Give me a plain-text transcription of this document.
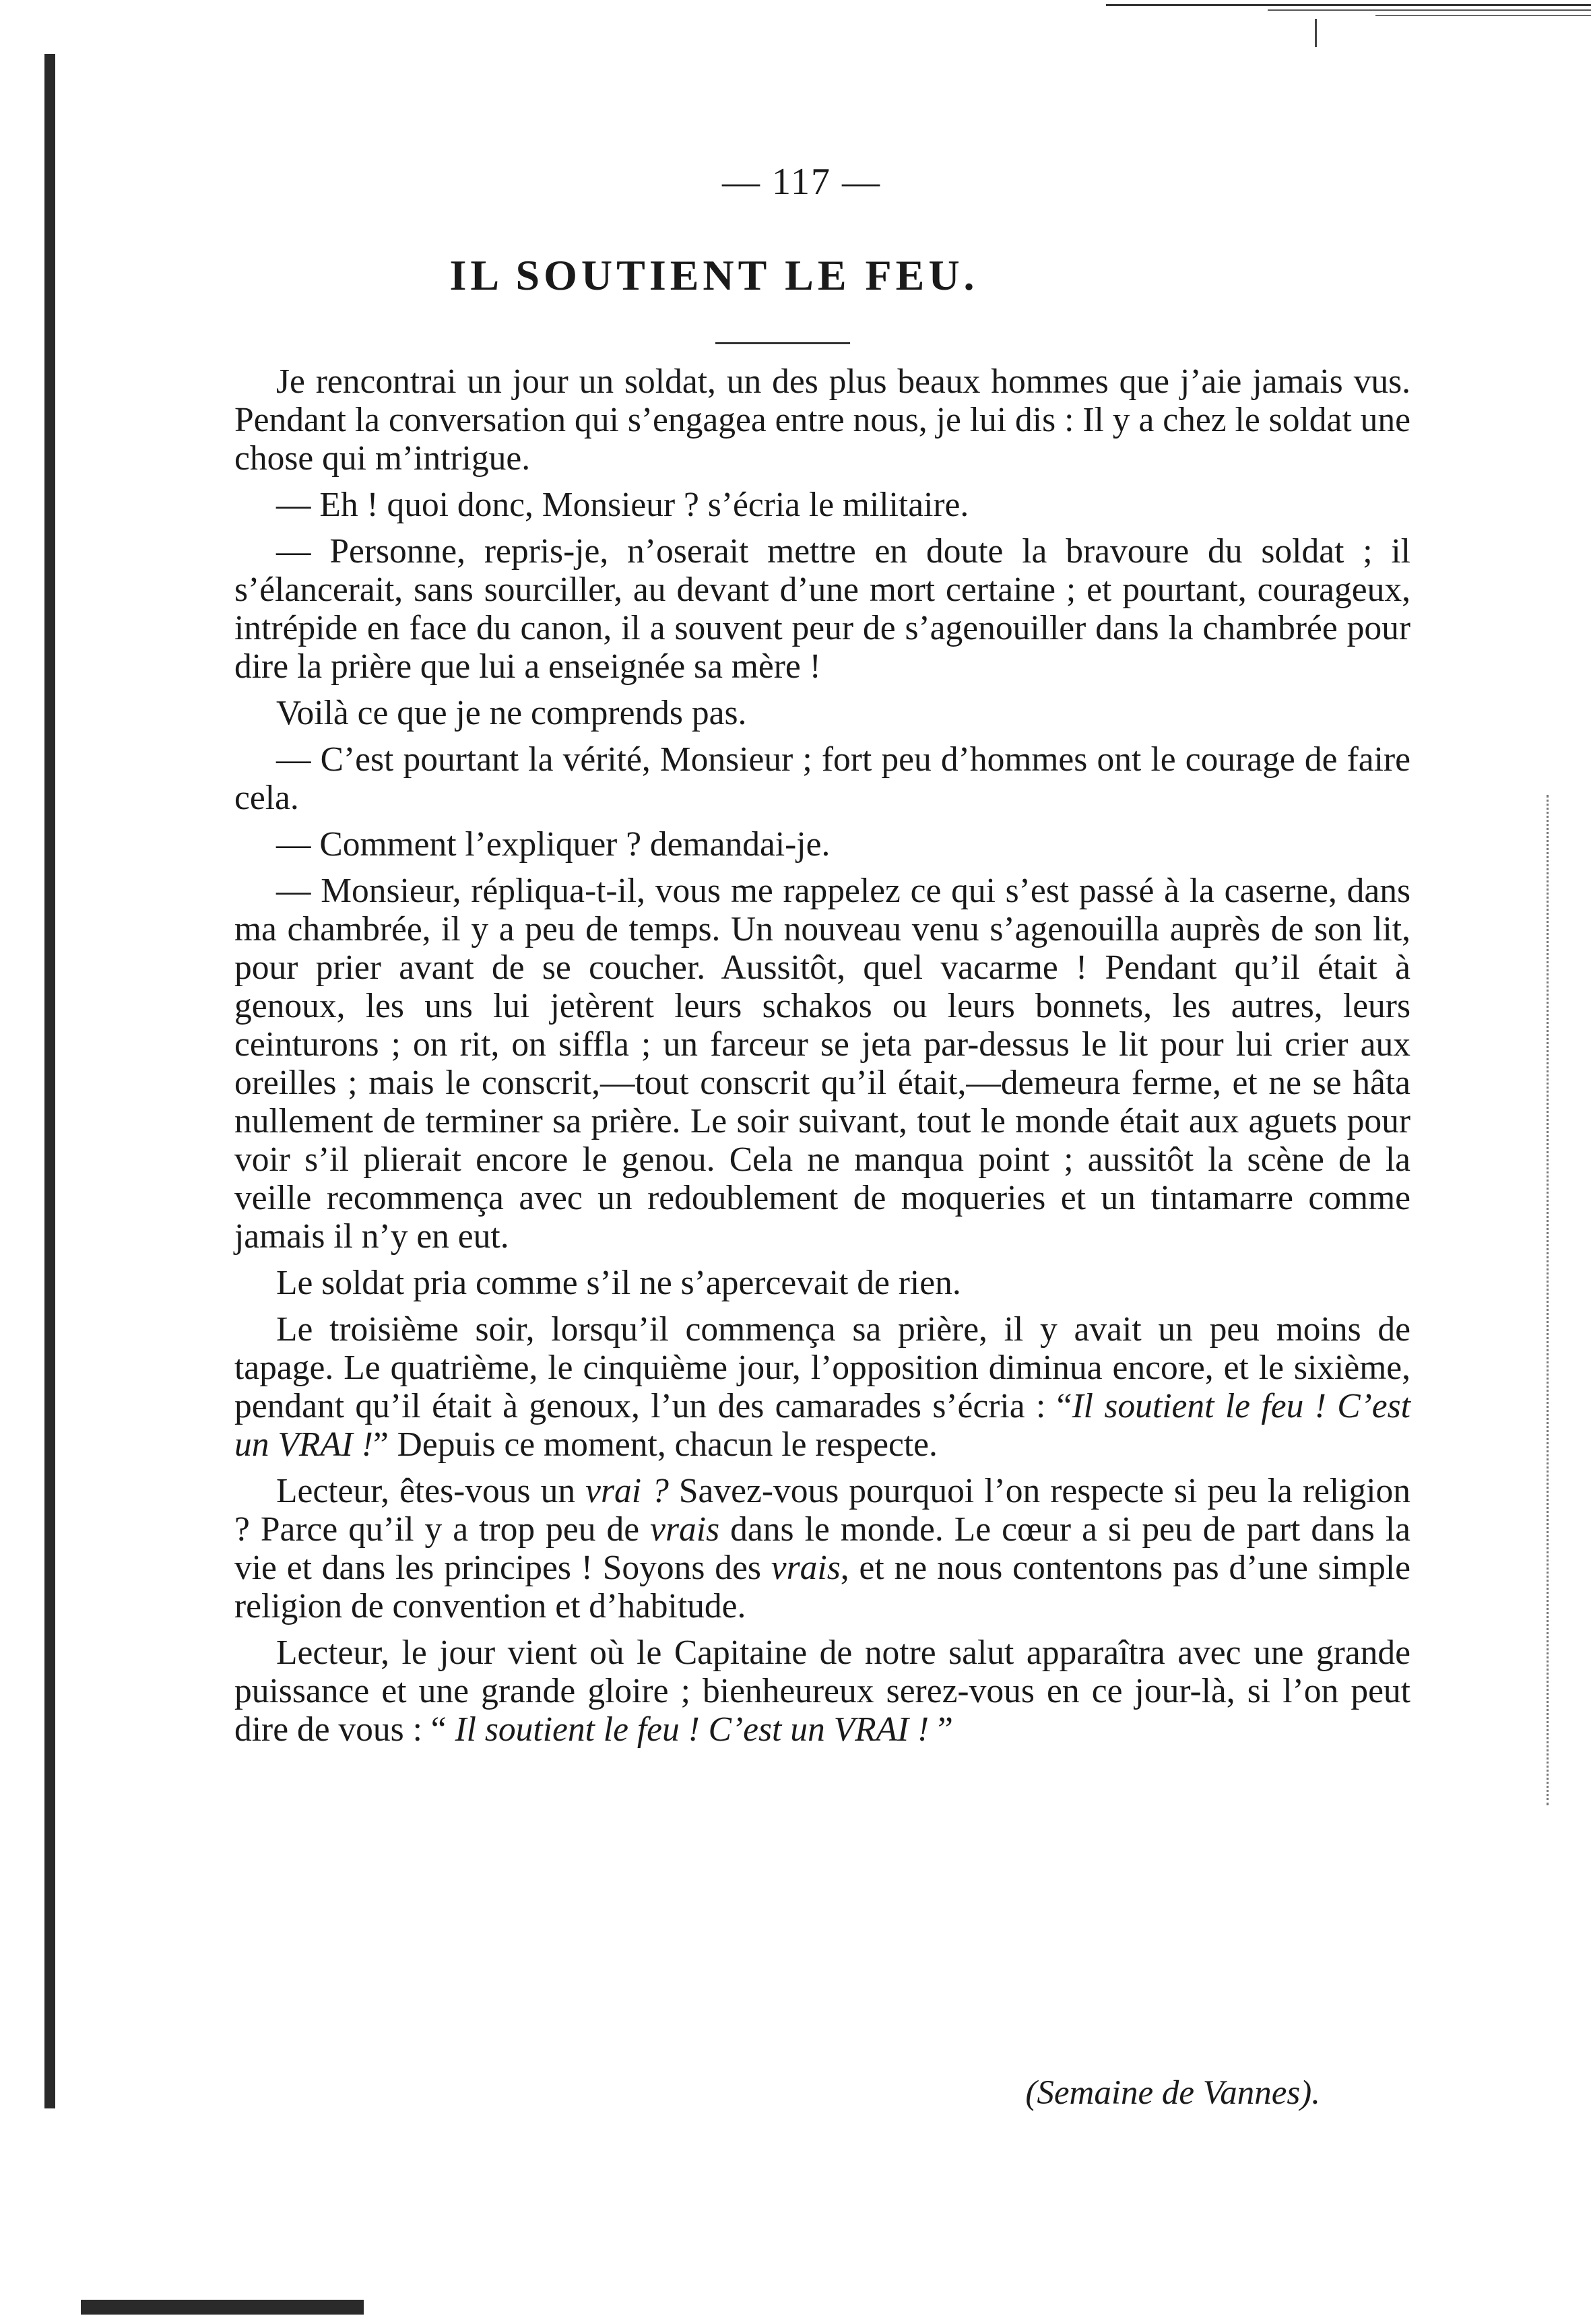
— 117 —
IL SOUTIENT LE FEU.

Je rencontrai un jour un soldat, un des plus beaux hommes que j’aie jamais vus. Pendant la conversation qui s’engagea entre nous, je lui dis : Il y a chez le soldat une chose qui m’intrigue.

— Eh ! quoi donc, Monsieur ? s’écria le militaire.

— Personne, repris-je, n’oserait mettre en doute la bravoure du soldat ; il s’élancerait, sans sourciller, au devant d’une mort certaine ; et pourtant, courageux, intrépide en face du canon, il a souvent peur de s’agenouiller dans la chambrée pour dire la prière que lui a enseignée sa mère !

Voilà ce que je ne comprends pas.

— C’est pourtant la vérité, Monsieur ; fort peu d’hommes ont le courage de faire cela.

— Comment l’expliquer ? demandai-je.

— Monsieur, répliqua-t-il, vous me rappelez ce qui s’est passé à la caserne, dans ma chambrée, il y a peu de temps. Un nouveau venu s’agenouilla auprès de son lit, pour prier avant de se coucher. Aussitôt, quel vacarme ! Pendant qu’il était à genoux, les uns lui jetèrent leurs schakos ou leurs bonnets, les autres, leurs ceinturons ; on rit, on siffla ; un farceur se jeta par-dessus le lit pour lui crier aux oreilles ; mais le conscrit,—tout conscrit qu’il était,—demeura ferme, et ne se hâta nullement de terminer sa prière. Le soir suivant, tout le monde était aux aguets pour voir s’il plierait encore le genou. Cela ne manqua point ; aussitôt la scène de la veille recommença avec un redoublement de moqueries et un tintamarre comme jamais il n’y en eut.

Le soldat pria comme s’il ne s’apercevait de rien.

Le troisième soir, lorsqu’il commença sa prière, il y avait un peu moins de tapage. Le quatrième, le cinquième jour, l’opposition diminua encore, et le sixième, pendant qu’il était à genoux, l’un des camarades s’écria : “Il soutient le feu ! C’est un VRAI !” Depuis ce moment, chacun le respecte.

Lecteur, êtes-vous un vrai ? Savez-vous pourquoi l’on respecte si peu la religion ? Parce qu’il y a trop peu de vrais dans le monde. Le cœur a si peu de part dans la vie et dans les principes ! Soyons des vrais, et ne nous contentons pas d’une simple religion de convention et d’habitude.

Lecteur, le jour vient où le Capitaine de notre salut apparaîtra avec une grande puissance et une grande gloire ; bienheureux serez-vous en ce jour-là, si l’on peut dire de vous : “ Il soutient le feu ! C’est un VRAI ! ”

(Semaine de Vannes).
